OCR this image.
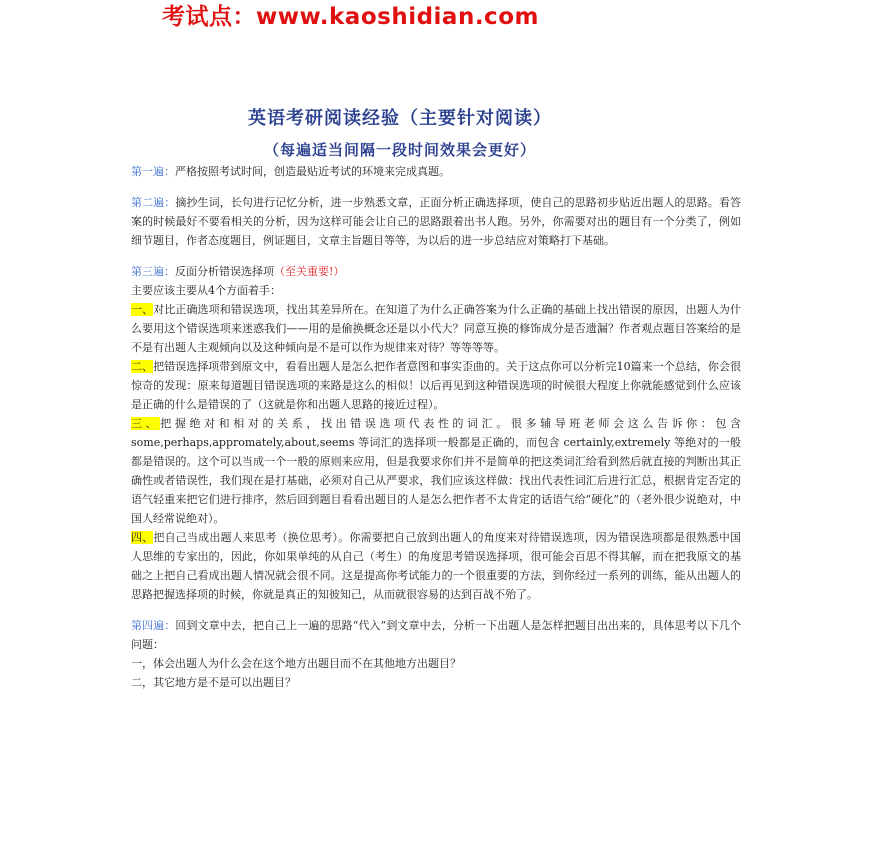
考试点：www.kaoshidian.com
英语考研阅读经验（主要针对阅读）
（每遍适当间隔一段时间效果会更好）

第一遍：严格按照考试时间，创造最贴近考试的环境来完成真题。

第二遍：摘抄生词，长句进行记忆分析，进一步熟悉文章，正面分析正确选择项，使自己的思路初步贴近出题人的思路。看答案的时候最好不要看相关的分析，因为这样可能会让自己的思路跟着出书人跑。另外，你需要对出的题目有一个分类了，例如细节题目，作者态度题目，例证题目，文章主旨题目等等，为以后的进一步总结应对策略打下基础。

第三遍：反面分析错误选择项（至关重要!）

主要应该主要从4个方面着手：

一、对比正确选项和错误选项，找出其差异所在。在知道了为什么正确答案为什么正确的基础上找出错误的原因，出题人为什么要用这个错误选项来迷惑我们——用的是偷换概念还是以小代大？同意互换的修饰成分是否遗漏？作者观点题目答案给的是不是有出题人主观倾向以及这种倾向是不是可以作为规律来对待？等等等等。

二、把错误选择项带到原文中，看看出题人是怎么把作者意图和事实歪曲的。关于这点你可以分析完10篇来一个总结，你会很惊奇的发现：原来每道题目错误选项的来路是这么的相似！以后再见到这种错误选项的时候很大程度上你就能感觉到什么应该是正确的什么是错误的了（这就是你和出题人思路的接近过程）。

三、把握绝对和相对的关系，找出错误选项代表性的词汇。很多辅导班老师会这么告诉你：包含 some,perhaps,appromately,about,seems 等词汇的选择项一般都是正确的，而包含 certainly,extremely 等绝对的一般都是错误的。这个可以当成一个一般的原则来应用，但是我要求你们并不是简单的把这类词汇给看到然后就直接的判断出其正确性或者错误性，我们现在是打基础，必须对自己从严要求，我们应该这样做：找出代表性词汇后进行汇总，根据肯定否定的语气轻重来把它们进行排序，然后回到题目看看出题目的人是怎么把作者不太肯定的话语气给“硬化”的（老外很少说绝对，中国人经常说绝对）。

四、把自己当成出题人来思考（换位思考）。你需要把自己放到出题人的角度来对待错误选项，因为错误选项都是很熟悉中国人思维的专家出的，因此，你如果单纯的从自己（考生）的角度思考错误选择项，很可能会百思不得其解，而在把我原文的基础之上把自己看成出题人情况就会很不同。这是提高你考试能力的一个很重要的方法，到你经过一系列的训练，能从出题人的思路把握选择项的时候，你就是真正的知彼知己，从而就很容易的达到百战不殆了。

第四遍：回到文章中去，把自己上一遍的思路“代入”到文章中去，分析一下出题人是怎样把题目出出来的，具体思考以下几个问题：

一，体会出题人为什么会在这个地方出题目而不在其他地方出题目？

二，其它地方是不是可以出题目？
